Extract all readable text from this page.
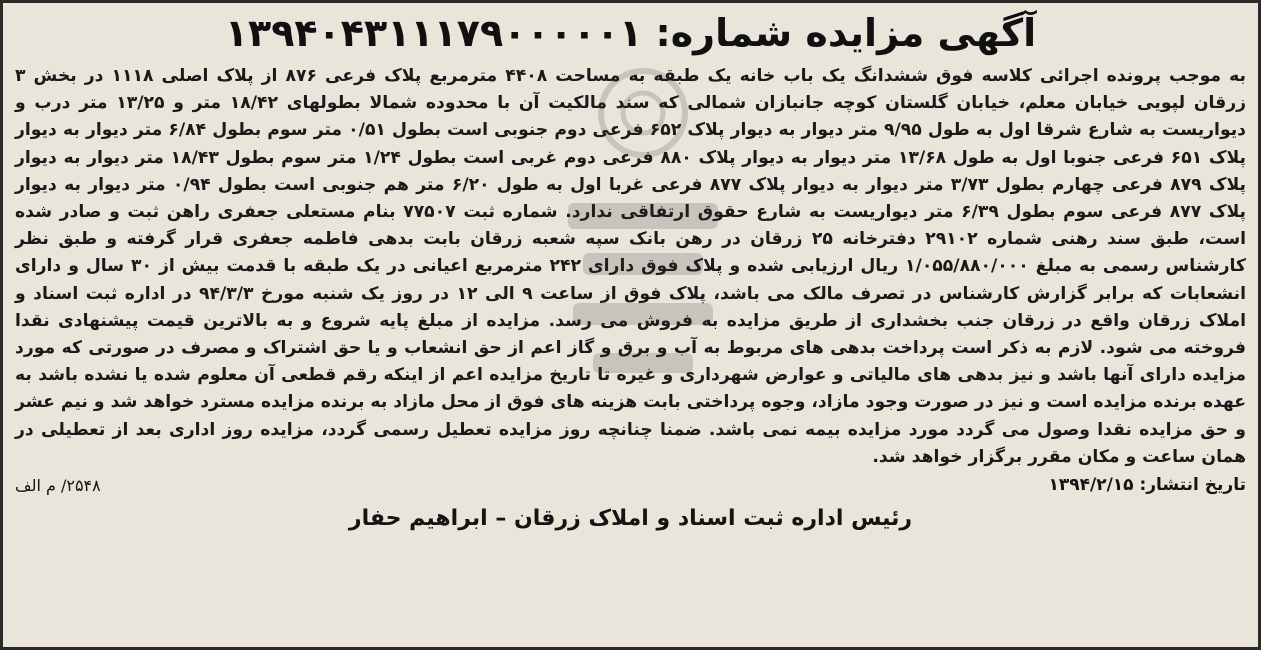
آگهی مزایده شماره: ۱۳۹۴۰۴۳۱۱۱۷۹۰۰۰۰۰۱

به موجب پرونده اجرائی کلاسه فوق ششدانگ یک باب خانه یک طبقه به مساحت ۴۴۰۸ مترمربع پلاک فرعی ۸۷۶ از پلاک اصلی ۱۱۱۸ در بخش ۳ زرقان لپویی خیابان معلم، خیابان گلستان کوچه جانبازان شمالی که سند مالکیت آن با محدوده شمالا بطولهای ۱۸/۴۲ متر و ۱۳/۲۵ متر درب و دیواریست به شارع شرقا اول به طول ۹/۹۵ متر دیوار به دیوار پلاک ۶۵۲ فرعی دوم جنوبی است بطول ۰/۵۱ متر سوم بطول ۶/۸۴ متر دیوار به دیوار پلاک ۶۵۱ فرعی جنوبا اول به طول ۱۳/۶۸ متر دیوار به دیوار پلاک ۸۸۰ فرعی دوم غربی است بطول ۱/۲۴ متر سوم بطول ۱۸/۴۳ متر دیوار به دیوار پلاک ۸۷۹ فرعی چهارم بطول ۳/۷۳ متر دیوار به دیوار پلاک ۸۷۷ فرعی غربا اول به طول ۶/۲۰ متر هم جنوبی است بطول ۰/۹۴ متر دیوار به دیوار پلاک ۸۷۷ فرعی سوم بطول ۶/۳۹ متر دیواریست به شارع حقوق ارتفاقی ندارد. شماره ثبت ۷۷۵۰۷ بنام مستعلی جعفری راهن ثبت و صادر شده است، طبق سند رهنی شماره ۲۹۱۰۲ دفترخانه ۲۵ زرقان در رهن بانک سپه شعبه زرقان بابت بدهی فاطمه جعفری قرار گرفته و طبق نظر کارشناس رسمی به مبلغ ۱/۰۵۵/۸۸۰/۰۰۰ ریال ارزیابی شده و پلاک فوق دارای ۲۴۲ مترمربع اعیانی در یک طبقه با قدمت بیش از ۳۰ سال و دارای انشعابات که برابر گزارش کارشناس در تصرف مالک می باشد، پلاک فوق از ساعت ۹ الی ۱۲ در روز یک شنبه مورخ ۹۴/۳/۳ در اداره ثبت اسناد و املاک زرقان واقع در زرقان جنب بخشداری از طریق مزایده به فروش می رسد. مزایده از مبلغ پایه شروع و به بالاترین قیمت پیشنهادی نقدا فروخته می شود. لازم به ذکر است پرداخت بدهی های مربوط به آب و برق و گاز اعم از حق انشعاب و یا حق اشتراک و مصرف در صورتی که مورد مزایده دارای آنها باشد و نیز بدهی های مالیاتی و عوارض شهرداری و غیره تا تاریخ مزایده اعم از اینکه رقم قطعی آن معلوم شده یا نشده باشد به عهده برنده مزایده است و نیز در صورت وجود مازاد، وجوه پرداختی بابت هزینه های فوق از محل مازاد به برنده مزایده مسترد خواهد شد و نیم عشر و حق مزایده نقدا وصول می گردد مورد مزایده بیمه نمی باشد. ضمنا چنانچه روز مزایده تعطیل رسمی گردد، مزایده روز اداری بعد از تعطیلی در همان ساعت و مکان مقرر برگزار خواهد شد.

تاریخ انتشار: ۱۳۹۴/۲/۱۵
۲۵۴۸/ م الف
رئیس اداره ثبت اسناد و املاک زرقان – ابراهیم حفار
